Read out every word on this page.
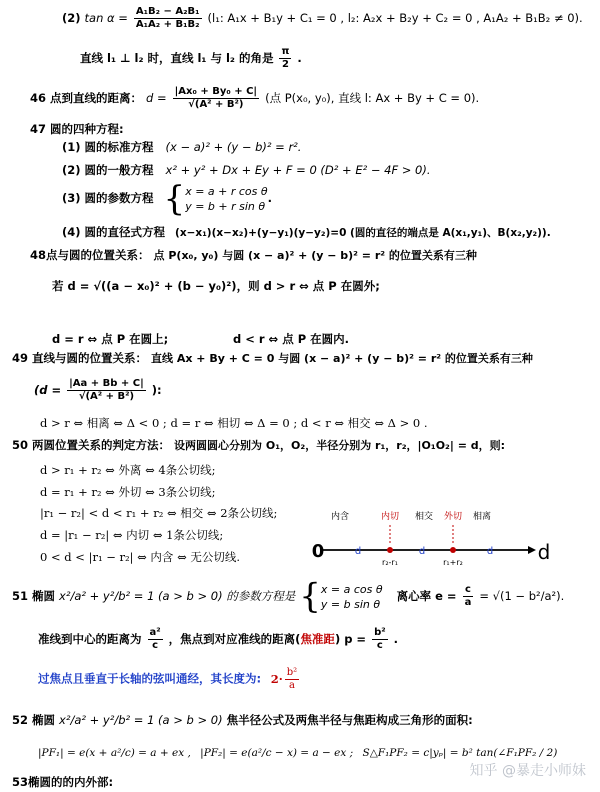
(2) $\tan \alpha = \frac{\text{A₁B₂ − A₂B₁}}{\text{A₁A₂ + B₁B₂}} (l_1$: A₁x + B₁y + C₁ = 0 , l₂: A₂x + B₂y + C₂ = 0 , A₁A₂ + B₁B₂ ≠ 0).
直线 l₁ ⊥ l₂ 时，直线 l₁ 与 l₂ 的角是 $\frac{\pi}{2}$ .
46 点到直线的距离： $d = \frac{\text{|Ax₀ + By₀ + C|}}{\text{√(A² + B²)}}$ (点 P(x₀, y₀), 直线 l: Ax + By + C = 0).
47 圆的四种方程:
(1) 圆的标准方程 (x − a)² + (y − b)² = r².
(2) 圆的一般方程 x² + y² + Dx + Ey + F = 0 (D² + E² − 4F > 0).
(3) 圆的参数方程 { x = a + r cos θ
y = b + r sin θ
.
(4) 圆的直径式方程 (x−x₁)(x−x₂)+(y−y₁)(y−y₂)=0 (圆的直径的端点是 A(x₁,y₁)、B(x₂,y₂)).
48点与圆的位置关系： 点 P(x₀, y₀) 与圆 (x − a)² + (y − b)² = r² 的位置关系有三种
若 d = √((a − x₀)² + (b − y₀)²)，则 d > r ⇔ 点 P 在圆外;
d = r ⇔ 点 P 在圆上;	d < r ⇔ 点 P 在圆内.
49 直线与圆的位置关系： 直线 Ax + By + C = 0 与圆 (x − a)² + (y − b)² = r² 的位置关系有三种
($d = \frac{|Aa + Bb + C|}{\text{√(A² + B²)}}$ ):
d > r ⇔ 相离 ⇔ Δ < 0 ; d = r ⇔ 相切 ⇔ Δ = 0 ; d < r ⇔ 相交 ⇔ Δ > 0 .
50 两圆位置关系的判定方法： 设两圆圆心分别为 O₁，O₂，半径分别为 r₁，r₂，|O₁O₂| = d，则:
d > r₁ + r₂ ⇔ 外离 ⇔ 4条公切线;
d = r₁ + r₂ ⇔ 外切 ⇔ 3条公切线;
|r₁ − r₂| < d < r₁ + r₂ ⇔ 相交 ⇔ 2条公切线;
d = |r₁ − r₂| ⇔ 内切 ⇔ 1条公切线;
0 < d < |r₁ − r₂| ⇔ 内含 ⇔ 无公切线.
内含	内切 相交 外切 相离
0	d
d
r₂-r₁
d
r₁+r₂
d
51 椭圆 x²/a² + y²/b² = 1 (a > b > 0) 的参数方程是 { x = a cos θ
y = b sin θ
离心率 $e = \frac{c}{a} = √(1 - b^2/a^2)$.
准线到中心的距离为 $\frac{\text{a²}}{c}$ ，焦点到对应准线的距离(焦准距) $p = \frac{\text{b²}}{c}$ .
过焦点且垂直于长轴的弦叫通经，其长度为: $2\cdot \frac{\text{b²}}{a}$
52 椭圆 x²/a² + y²/b² = 1 (a > b > 0) 焦半径公式及两焦半径与焦距构成三角形的面积:
|PF₁| = e(x + a²/c) = a + ex , |PF₂| = e(a²/c − x) = a − ex ; S△F₁PF₂ = c|yₚ| = b² tan(∠F₁PF₂ / 2)
53椭圆的的内外部:
知乎 @暴走小师妹
